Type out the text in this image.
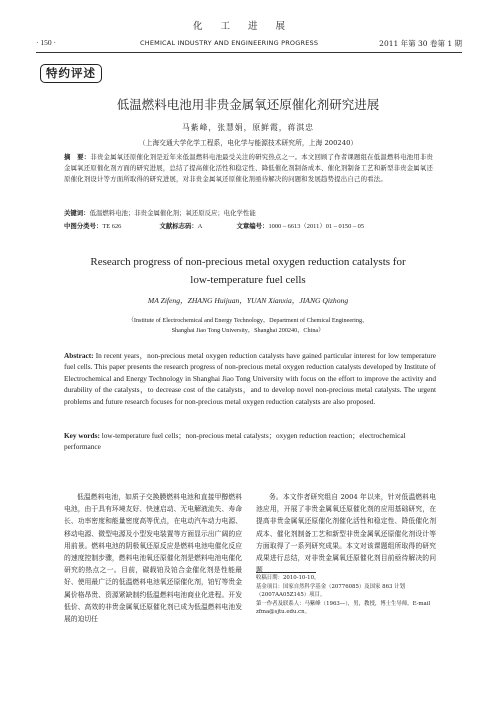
化工进展
· 150 ·	CHEMICAL INDUSTRY AND ENGINEERING PROGRESS	2011 年第 30 卷第 1 期
特约评述
低温燃料电池用非贵金属氧还原催化剂研究进展
马紫峰，张慧娟，原鲜霞，蒋淇忠
（上海交通大学化学工程系，电化学与能源技术研究所，上海 200240）
摘　要：非贵金属氧还原催化剂是近年来低温燃料电池最受关注的研究热点之一。本文回顾了作者课题组在低温燃料电池用非贵金属氧还原催化剂方面的研究进展，总结了提高催化活性和稳定性、降低催化剂制备成本、催化剂制备工艺和新型非贵金属氧还原催化剂设计等方面所取得的研究进展，对非贵金属氧还原催化剂亟待解决的问题和发展趋势提出自己的看法。
关键词：低温燃料电池；非贵金属催化剂；氧还原反应；电化学性能
中图分类号：TE 626	文献标志码：A	文章编号：1000 – 6613（2011）01 – 0150 – 05
Research progress of non-precious metal oxygen reduction catalysts for
low-temperature fuel cells
MA Zifeng，ZHANG Huijuan，YUAN Xianxia，JIANG Qizhong
（Institute of Electrochemical and Energy Technology，Department of Chemical Engineering，
Shanghai Jiao Tong University，Shanghai 200240，China）
Abstract: In recent years，non-precious metal oxygen reduction catalysts have gained particular interest for low temperature fuel cells. This paper presents the research progress of non-precious metal oxygen reduction catalysts developed by Institute of Electrochemical and Energy Technology in Shanghai Jiao Tong University with focus on the effort to improve the activity and durability of the catalysts，to decrease cost of the catalysts，and to develop novel non-precious metal catalysts. The urgent problems and future research focuses for non-precious metal oxygen reduction catalysts are also proposed.
Key words: low-temperature fuel cells；non-precious metal catalysts；oxygen reduction reaction；electrochemical performance
低温燃料电池，如质子交换膜燃料电池和直接甲醇燃料电池，由于具有环境友好、快速启动、无电解液流失、寿命长、功率密度和能量密度高等优点，在电动汽车动力电源、移动电源、微型电源及小型发电装置等方面显示出广阔的应用前景。燃料电池的阴极氧还原反应是燃料电池电催化反应的速度控制步骤，燃料电池氧还原催化剂是燃料电池电催化研究的热点之一。目前，碳载铂及铂合金催化剂是性能最好、使用最广泛的低温燃料电池氧还原催化剂，铂钌等贵金属价格昂贵、资源紧缺制约低温燃料电池商业化进程。开发低价、高效的非贵金属氧还原催化剂已成为低温燃料电池发展的迫切任
务。本文作者研究组自 2004 年以来，针对低温燃料电池应用，开展了非贵金属氧还原催化剂的应用基础研究，在提高非贵金属氧还原催化剂催化活性和稳定性、降低催化剂成本、催化剂制备工艺和新型非贵金属氧还原催化剂设计等方面取得了一系列研究成果。本文对该课题组所取得的研究成果进行总结，对非贵金属氧还原催化剂目前亟待解决的问题

收稿日期：2010-10-10。

基金项目：国家自然科学基金（20776085）及国家 863 计划（2007AA05Z145）项目。

第一作者及联系人：马紫峰（1963—），男，教授，博士生导师。E-mail zfma@sjtu.edu.cn。
